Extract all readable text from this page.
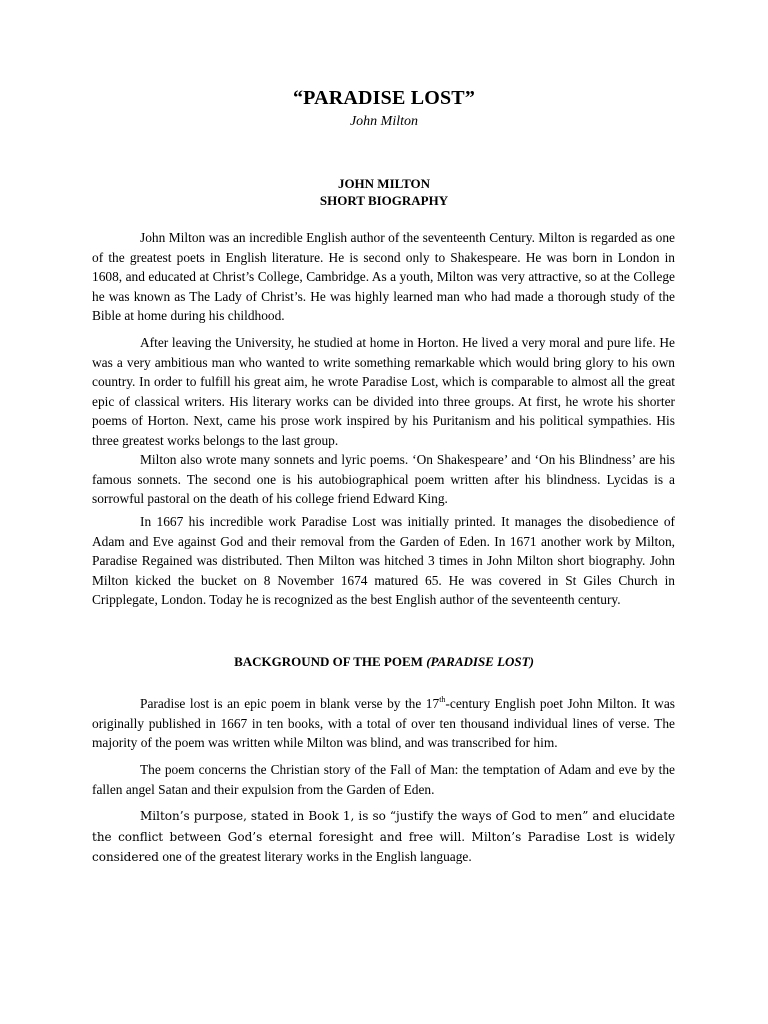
“PARADISE LOST”
John Milton
JOHN MILTON
SHORT BIOGRAPHY

John Milton was an incredible English author of the seventeenth Century. Milton is regarded as one of the greatest poets in English literature. He is second only to Shakespeare. He was born in London in 1608, and educated at Christ’s College, Cambridge. As a youth, Milton was very attractive, so at the College he was known as The Lady of Christ’s. He was highly learned man who had made a thorough study of the Bible at home during his childhood.

After leaving the University, he studied at home in Horton. He lived a very moral and pure life. He was a very ambitious man who wanted to write something remarkable which would bring glory to his own country. In order to fulfill his great aim, he wrote Paradise Lost, which is comparable to almost all the great epic of classical writers. His literary works can be divided into three groups. At first, he wrote his shorter poems of Horton. Next, came his prose work inspired by his Puritanism and his political sympathies. His three greatest works belongs to the last group.

Milton also wrote many sonnets and lyric poems. ‘On Shakespeare’ and ‘On his Blindness’ are his famous sonnets. The second one is his autobiographical poem written after his blindness. Lycidas is a sorrowful pastoral on the death of his college friend Edward King.

In 1667 his incredible work Paradise Lost was initially printed. It manages the disobedience of Adam and Eve against God and their removal from the Garden of Eden. In 1671 another work by Milton, Paradise Regained was distributed. Then Milton was hitched 3 times in John Milton short biography. John Milton kicked the bucket on 8 November 1674 matured 65. He was covered in St Giles Church in Cripplegate, London. Today he is recognized as the best English author of the seventeenth century.

BACKGROUND OF THE POEM (PARADISE LOST)

Paradise lost is an epic poem in blank verse by the 17th-century English poet John Milton. It was originally published in 1667 in ten books, with a total of over ten thousand individual lines of verse. The majority of the poem was written while Milton was blind, and was transcribed for him.

The poem concerns the Christian story of the Fall of Man: the temptation of Adam and eve by the fallen angel Satan and their expulsion from the Garden of Eden.

Milton’s purpose, stated in Book 1, is so “justify the ways of God to men” and elucidate the conflict between God’s eternal foresight and free will. Milton’s Paradise Lost is widely considered one of the greatest literary works in the English language.
